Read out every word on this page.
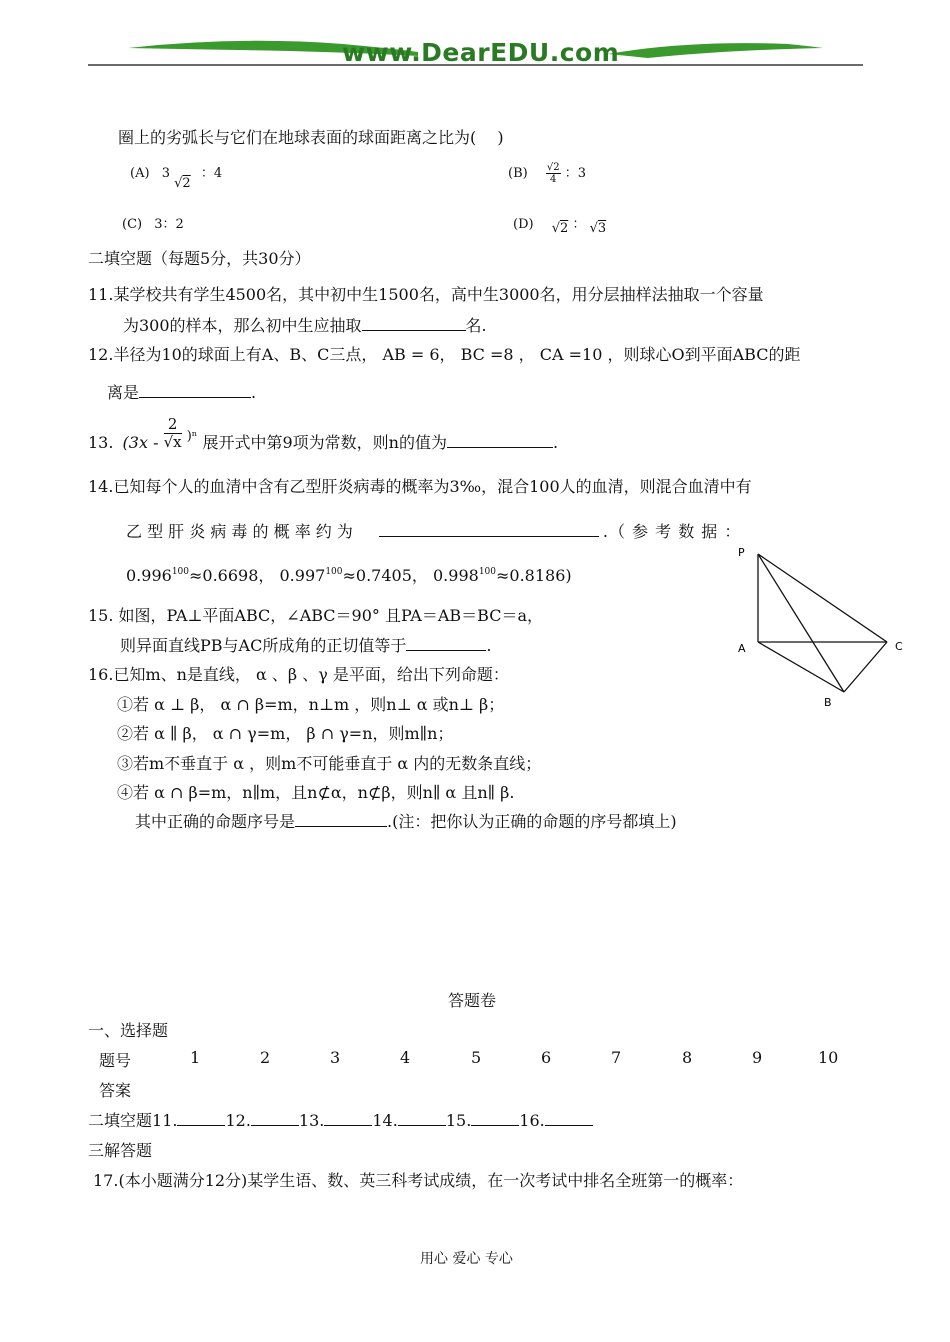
www.DearEDU.com
圈上的劣弧长与它们在地球表面的球面距离之比为(　 )
(A) 3 √2 ：4	$(B) \frac{√2}{4}$ ：3
(C) 3：2	(D) √2 ： √3
二填空题（每题5分，共30分）
11.某学校共有学生4500名，其中初中生1500名，高中生3000名，用分层抽样法抽取一个容量
为300的样本，那么初中生应抽取	名.
12.半径为10的球面上有A、B、C三点， AB = 6， BC =8 ， CA =10 ，则球心O到平面ABC的距
离是	.
13. ($3x - \frac{2}{√x} _{)^n}$ 展开式中第9项为常数，则n的值为	.
14.已知每个人的血清中含有乙型肝炎病毒的概率为3‰，混合100人的血清，则混合血清中有
乙 型 肝 炎 病 毒 的 概 率 约 为	.（ 参 考 数 据 ：
$0.996^{100}\approx 0.6698$， $0.997^{100}\approx 0.7405$， $0.998^{100}\approx 0.8186$)
P
A	C
B
15. 如图，PA⊥平面ABC，∠ABC＝90° 且PA＝AB＝BC＝a，
则异面直线PB与AC所成角的正切值等于	.
16.已知m、n是直线， α 、β 、γ 是平面，给出下列命题：
①若 α ⊥ β， α ∩ β=m，n⊥m ，则n⊥ α 或n⊥ β；
②若 α ∥ β， α ∩ γ=m， β ∩ γ=n，则m∥n；
③若m不垂直于 α ，则m不可能垂直于 α 内的无数条直线；
④若 α ∩ β=m，n∥m，且n⊄α，n⊄β，则n∥ α 且n∥ β.
其中正确的命题序号是	.(注：把你认为正确的命题的序号都填上)
答题卷
一、选择题
题号	1	2	3	4	5	6	7	8	9	10
答案
二填空题11.	12.	13.	14.	15.	16.
三解答题
17.(本小题满分12分)某学生语、数、英三科考试成绩，在一次考试中排名全班第一的概率：
用心 爱心 专心
